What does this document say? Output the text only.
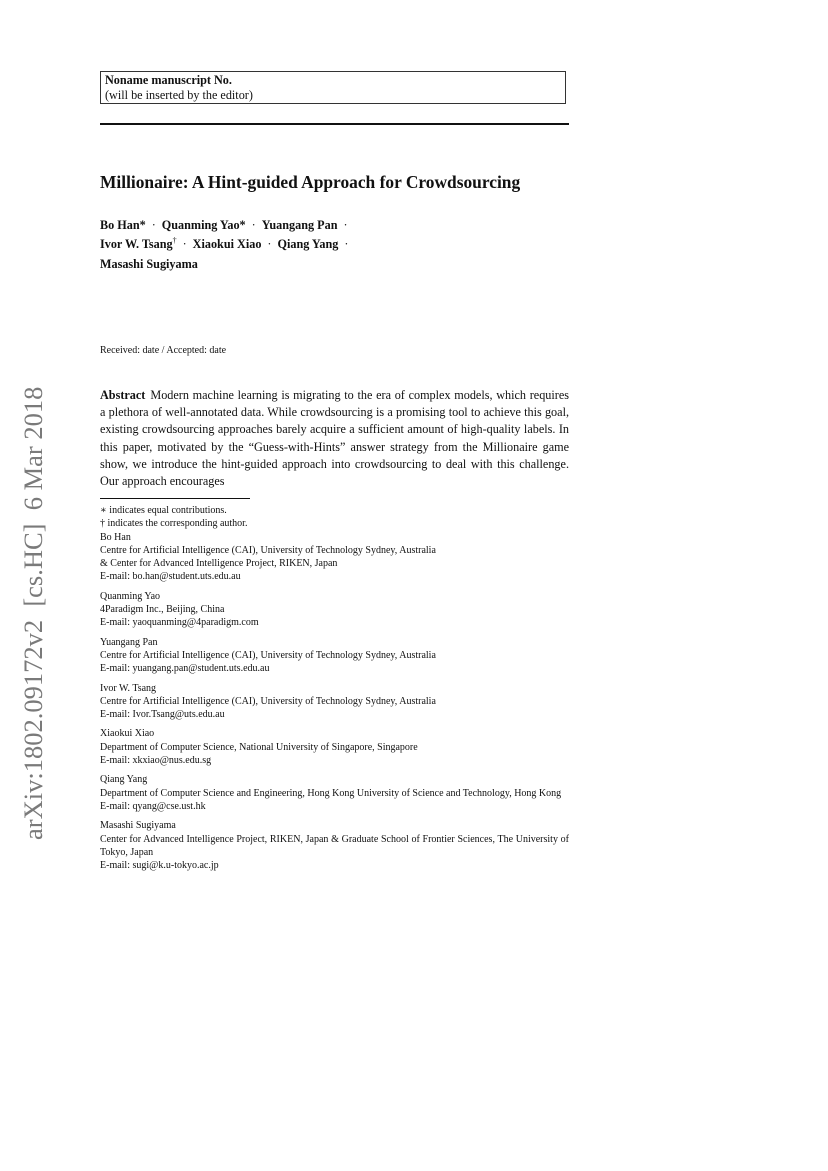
arXiv:1802.09172v2  [cs.HC]  6 Mar 2018
Noname manuscript No.
(will be inserted by the editor)
Millionaire: A Hint-guided Approach for Crowdsourcing
Bo Han* · Quanming Yao* · Yuangang Pan ·
Ivor W. Tsang† · Xiaokui Xiao · Qiang Yang ·
Masashi Sugiyama
Received: date / Accepted: date

Abstract Modern machine learning is migrating to the era of complex models, which requires a plethora of well-annotated data. While crowdsourcing is a promising tool to achieve this goal, existing crowdsourcing approaches barely acquire a sufficient amount of high-quality labels. In this paper, motivated by the “Guess-with-Hints” answer strategy from the Millionaire game show, we introduce the hint-guided approach into crowdsourcing to deal with this challenge. Our approach encourages

∗ indicates equal contributions.
† indicates the corresponding author.
Bo Han
Centre for Artificial Intelligence (CAI), University of Technology Sydney, Australia
& Center for Advanced Intelligence Project, RIKEN, Japan
E-mail: bo.han@student.uts.edu.au
Quanming Yao
4Paradigm Inc., Beijing, China
E-mail: yaoquanming@4paradigm.com
Yuangang Pan
Centre for Artificial Intelligence (CAI), University of Technology Sydney, Australia
E-mail: yuangang.pan@student.uts.edu.au
Ivor W. Tsang
Centre for Artificial Intelligence (CAI), University of Technology Sydney, Australia
E-mail: Ivor.Tsang@uts.edu.au
Xiaokui Xiao
Department of Computer Science, National University of Singapore, Singapore
E-mail: xkxiao@nus.edu.sg
Qiang Yang
Department of Computer Science and Engineering, Hong Kong University of Science and Technology, Hong Kong
E-mail: qyang@cse.ust.hk
Masashi Sugiyama
Center for Advanced Intelligence Project, RIKEN, Japan & Graduate School of Frontier Sciences, The University of Tokyo, Japan
E-mail: sugi@k.u-tokyo.ac.jp
